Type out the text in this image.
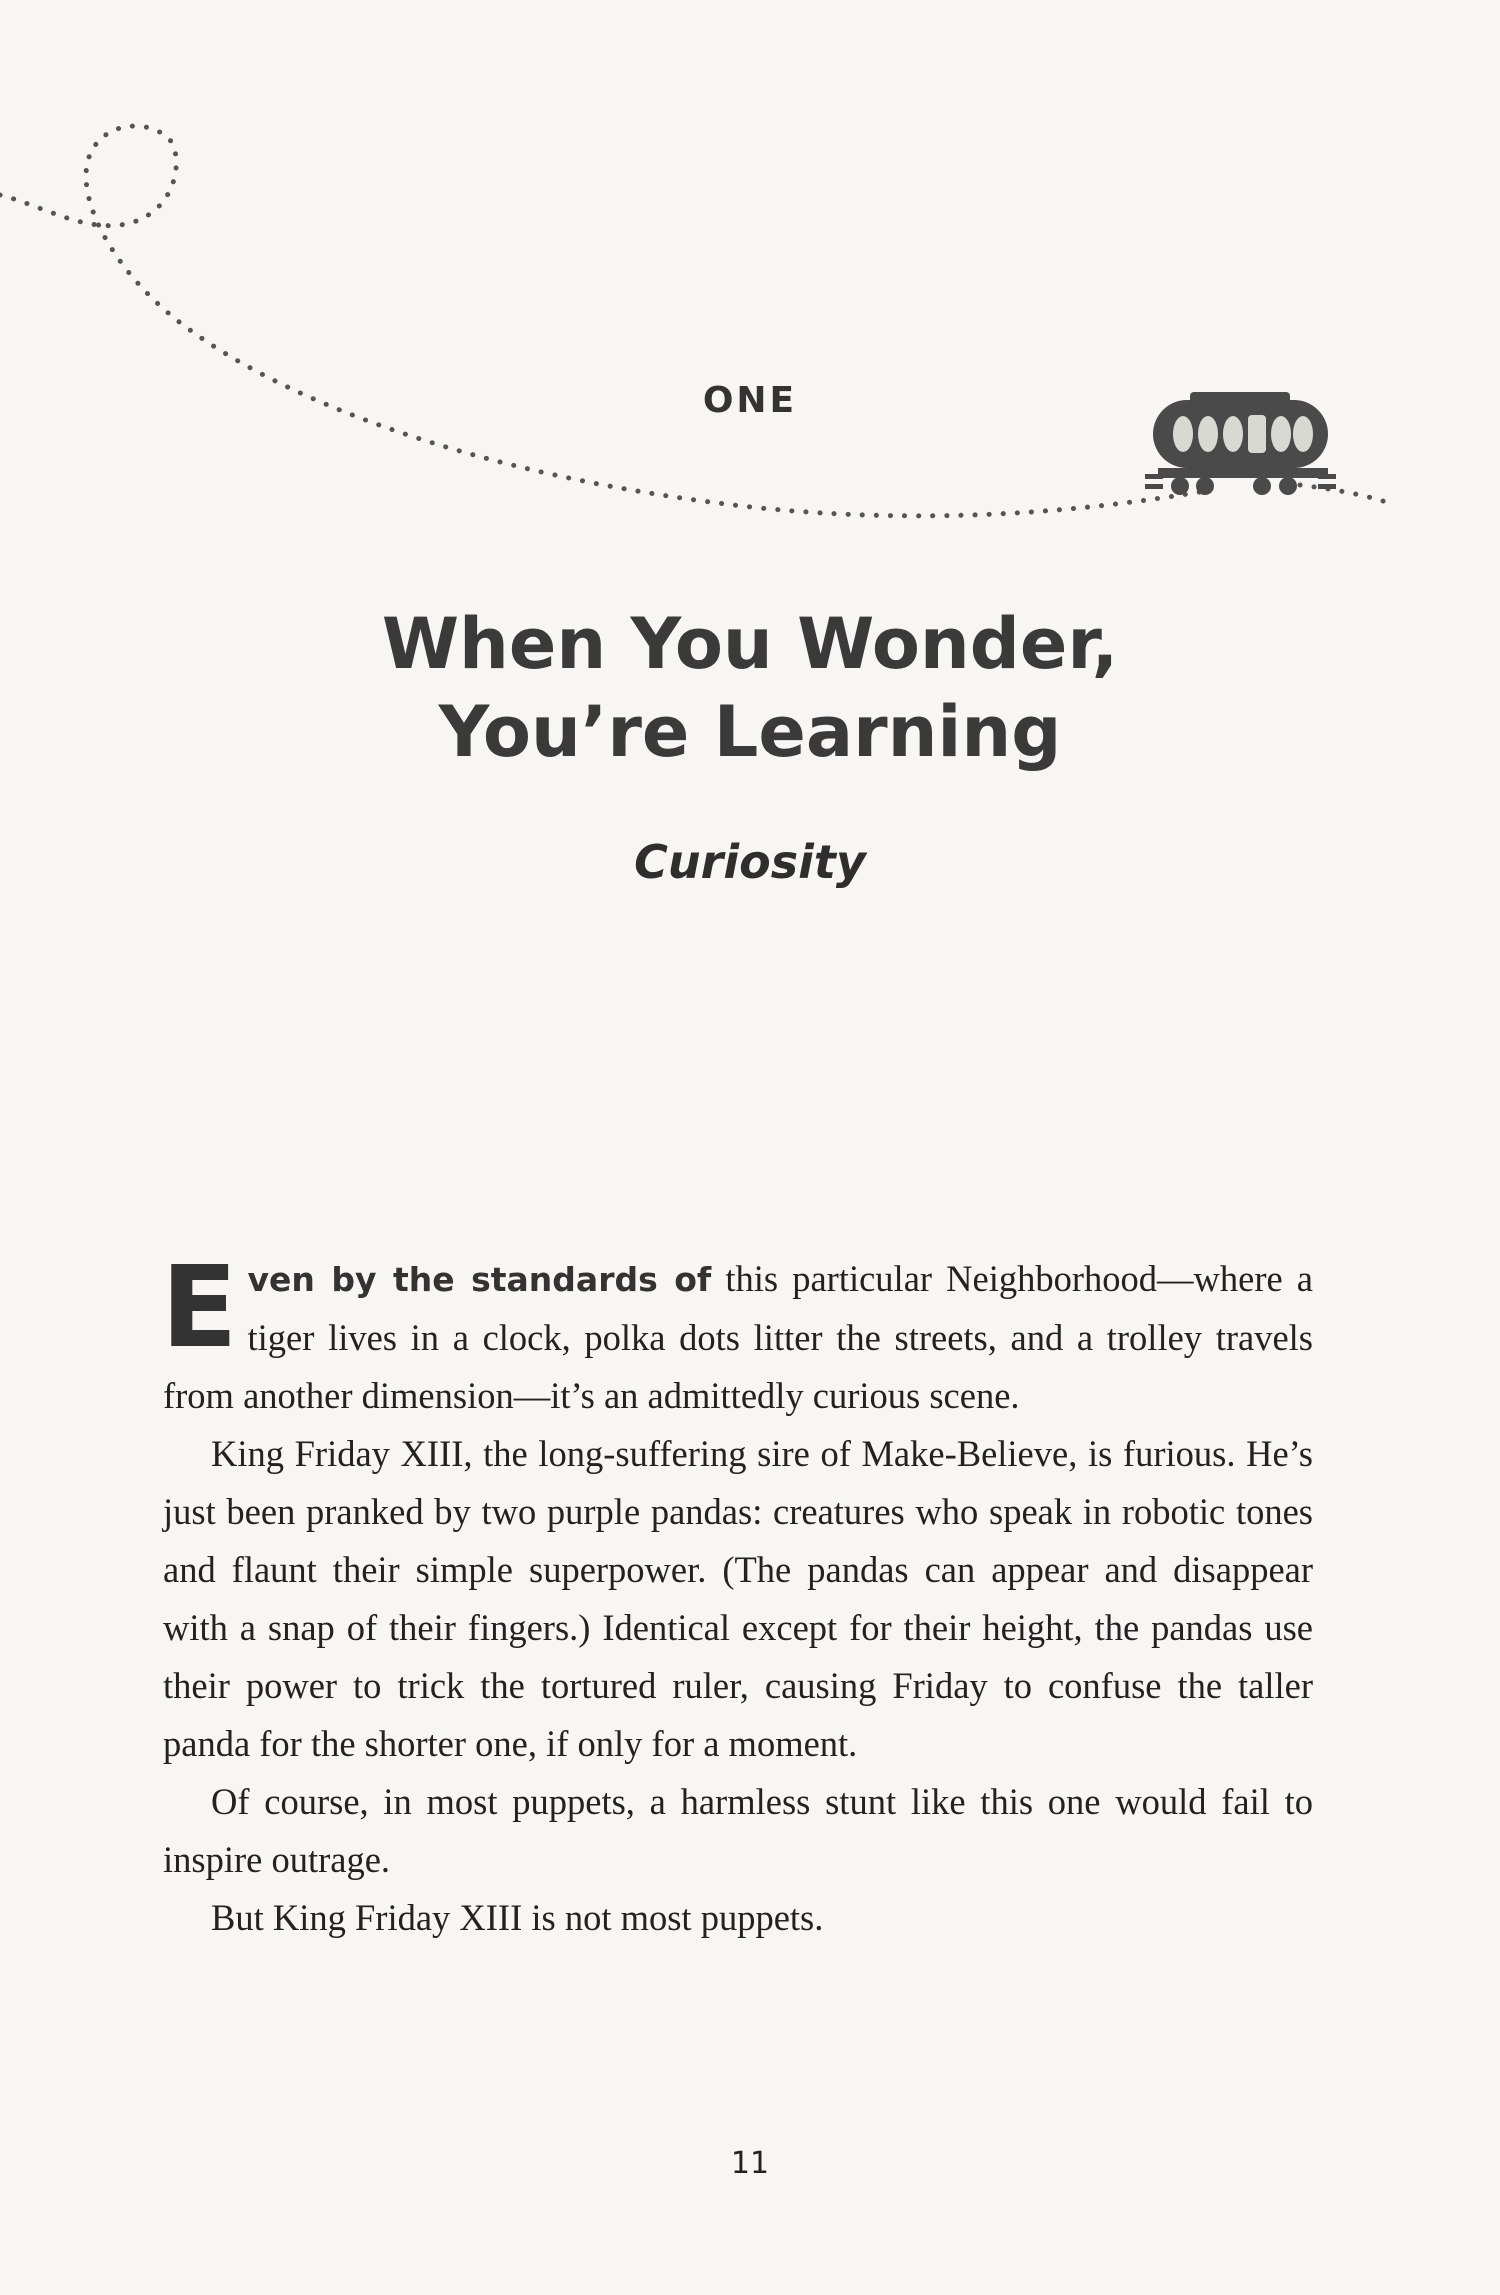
ONE
When You Wonder,
You’re Learning
Curiosity

Even by the standards of this particular Neighborhood—where a tiger lives in a clock, polka dots litter the streets, and a trolley travels from another dimension—it’s an admittedly curious scene.

King Friday XIII, the long-suffering sire of Make-Believe, is furious. He’s just been pranked by two purple pandas: creatures who speak in robotic tones and flaunt their simple superpower. (The pandas can appear and disappear with a snap of their fingers.) Identical except for their height, the pandas use their power to trick the tortured ruler, causing Friday to confuse the taller panda for the shorter one, if only for a moment.

Of course, in most puppets, a harmless stunt like this one would fail to inspire outrage.

But King Friday XIII is not most puppets.

11
